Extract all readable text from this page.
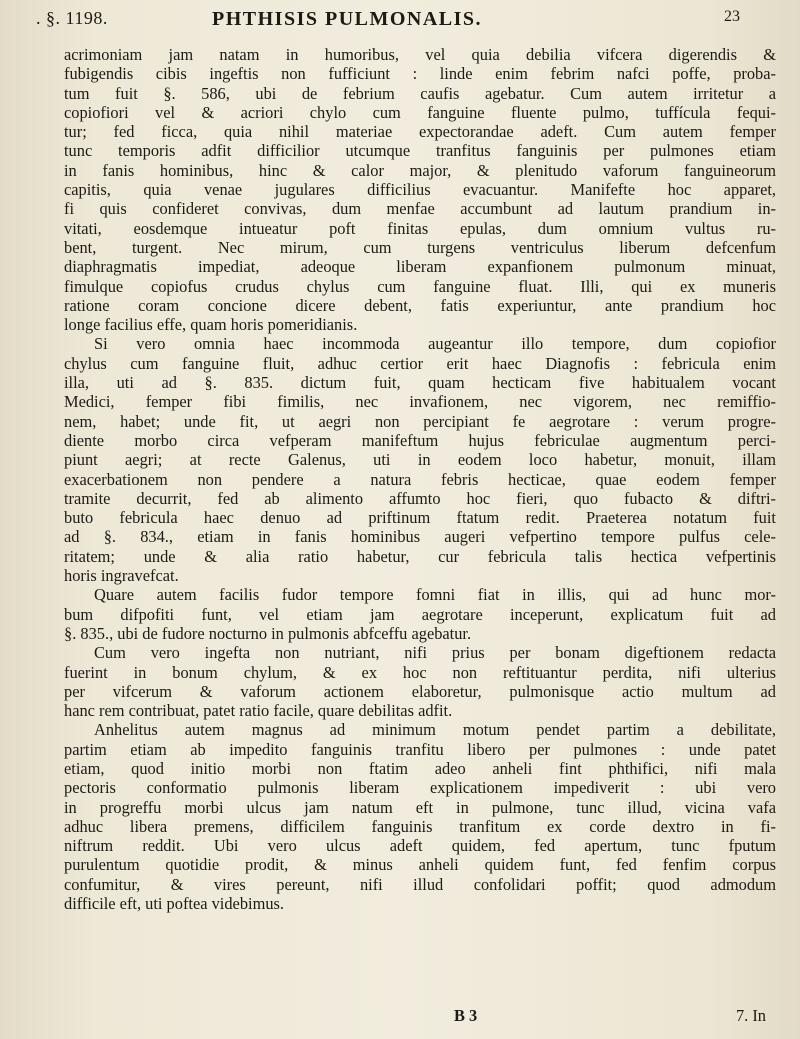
. §. 1198.	PHTHISIS PULMONALIS.	23
acrimoniam jam natam in humoribus, vel quia debilia vifcera digerendis &
fubigendis cibis ingeftis non fufficiunt : linde enim febrim nafci poffe, proba-
tum fuit §. 586, ubi de febrium caufis agebatur. Cum autem irritetur a
copiofiori vel & acriori chylo cum fanguine fluente pulmo, tuffícula fequi-
tur; fed ficca, quia nihil materiae expectorandae adeft. Cum autem femper
tunc temporis adfit difficilior utcumque tranfitus fanguinis per pulmones etiam
in fanis hominibus, hinc & calor major, & plenitudo vaforum fanguineorum
capitis, quia venae jugulares difficilius evacuantur. Manifefte hoc apparet,
fi quis confideret convivas, dum menfae accumbunt ad lautum prandium in-
vitati, eosdemque intueatur poft finitas epulas, dum omnium vultus ru-
bent, turgent. Nec mirum, cum turgens ventriculus liberum defcenfum
diaphragmatis impediat, adeoque liberam expanfionem pulmonum minuat,
fimulque copiofus crudus chylus cum fanguine fluat. Illi, qui ex muneris
ratione coram concione dicere debent, fatis experiuntur, ante prandium hoc
longe facilius effe, quam horis pomeridianis.
Si vero omnia haec incommoda augeantur illo tempore, dum copiofior
chylus cum fanguine fluit, adhuc certior erit haec Diagnofis : febricula enim
illa, uti ad §. 835. dictum fuit, quam hecticam five habitualem vocant
Medici, femper fibi fimilis, nec invafionem, nec vigorem, nec remiffio-
nem, habet; unde fit, ut aegri non percipiant fe aegrotare : verum progre-
diente morbo circa vefperam manifeftum hujus febriculae augmentum perci-
piunt aegri; at recte Galenus, uti in eodem loco habetur, monuit, illam
exacerbationem non pendere a natura febris hecticae, quae eodem femper
tramite decurrit, fed ab alimento affumto hoc fieri, quo fubacto & diftri-
buto febricula haec denuo ad priftinum ftatum redit. Praeterea notatum fuit
ad §. 834., etiam in fanis hominibus augeri vefpertino tempore pulfus cele-
ritatem; unde & alia ratio habetur, cur febricula talis hectica vefpertinis
horis ingravefcat.
Quare autem facilis fudor tempore fomni fiat in illis, qui ad hunc mor-
bum difpofiti funt, vel etiam jam aegrotare inceperunt, explicatum fuit ad
§. 835., ubi de fudore nocturno in pulmonis abfceffu agebatur.
Cum vero ingefta non nutriant, nifi prius per bonam digeftionem redacta
fuerint in bonum chylum, & ex hoc non reftituantur perdita, nifi ulterius
per vifcerum & vaforum actionem elaboretur, pulmonisque actio multum ad
hanc rem contribuat, patet ratio facile, quare debilitas adfit.
Anhelitus autem magnus ad minimum motum pendet partim a debilitate,
partim etiam ab impedito fanguinis tranfitu libero per pulmones : unde patet
etiam, quod initio morbi non ftatim adeo anheli fint phthifici, nifi mala
pectoris conformatio pulmonis liberam explicationem impediverit : ubi vero
in progreffu morbi ulcus jam natum eft in pulmone, tunc illud, vicina vafa
adhuc libera premens, difficilem fanguinis tranfitum ex corde dextro in fi-
niftrum reddit. Ubi vero ulcus adeft quidem, fed apertum, tunc fputum
purulentum quotidie prodit, & minus anheli quidem funt, fed fenfim corpus
confumitur, & vires pereunt, nifi illud confolidari poffit; quod admodum
difficile eft, uti poftea videbimus.
B 3	7. In
